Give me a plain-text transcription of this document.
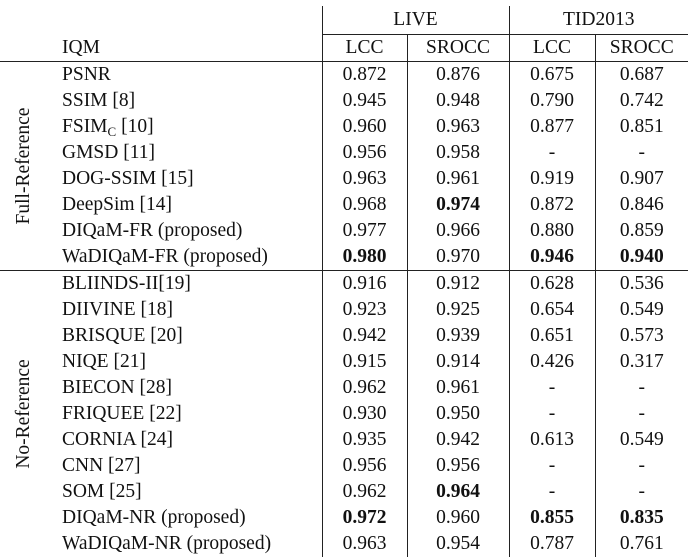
		LIVE		TID2013	
	IQM	LCC	SROCC	LCC	SROCC

Full-Reference	PSNR	0.872	0.876	0.675	0.687
	SSIM [8]	0.945	0.948	0.790	0.742
	$FSIM_C$ [10]	0.960	0.963	0.877	0.851
	GMSD [11]	0.956	0.958	-	-
	DOG-SSIM [15]	0.963	0.961	0.919	0.907
	DeepSim [14]	0.968	0.974	0.872	0.846
	DIQaM-FR (proposed)	0.977	0.966	0.880	0.859
	WaDIQaM-FR (proposed)	0.980	0.970	0.946	0.940

No-Reference	BLIINDS-II[19]	0.916	0.912	0.628	0.536
	DIIVINE [18]	0.923	0.925	0.654	0.549
	BRISQUE [20]	0.942	0.939	0.651	0.573
	NIQE [21]	0.915	0.914	0.426	0.317
	BIECON [28]	0.962	0.961	-	-
	FRIQUEE [22]	0.930	0.950	-	-
	CORNIA [24]	0.935	0.942	0.613	0.549
	CNN [27]	0.956	0.956	-	-
	SOM [25]	0.962	0.964	-	-
	DIQaM-NR (proposed)	0.972	0.960	0.855	0.835
	WaDIQaM-NR (proposed)	0.963	0.954	0.787	0.761
